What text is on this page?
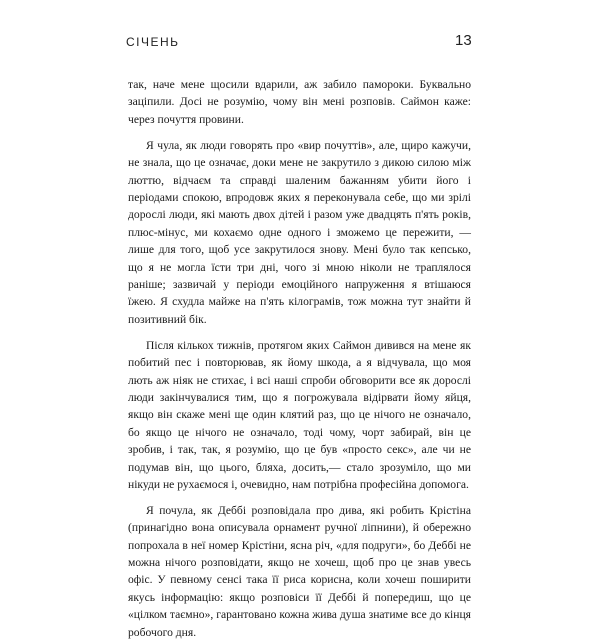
СІЧЕНЬ	13

так, наче мене щосили вдарили, аж забило памороки. Буквально заціпили. Досі не розумію, чому він мені розповів. Саймон каже: через почуття провини.

Я чула, як люди говорять про «вир почуттів», але, щиро кажучи, не знала, що це означає, доки мене не закрутило з дикою силою між люттю, відчаєм та справді шаленим бажанням убити його і періодами спокою, впродовж яких я переконувала себе, що ми зрілі дорослі люди, які мають двох дітей і разом уже двадцять п'ять років, плюс-мінус, ми кохаємо одне одного і зможемо це пережити, — лише для того, щоб усе закрутилося знову. Мені було так кепсько, що я не могла їсти три дні, чого зі мною ніколи не траплялося раніше; зазвичай у періоди емоційного напруження я втішаюся їжею. Я схудла майже на п'ять кілограмів, тож можна тут знайти й позитивний бік.

Після кількох тижнів, протягом яких Саймон дивився на мене як побитий пес і повторював, як йому шкода, а я відчувала, що моя лють аж ніяк не стихає, і всі наші спроби обговорити все як дорослі люди закінчувалися тим, що я погрожувала відірвати йому яйця, якщо він скаже мені ще один клятий раз, що це нічого не означало, бо якщо це нічого не означало, тоді чому, чорт забирай, він це зробив, і так, так, я розумію, що це був «просто секс», але чи не подумав він, що цього, бляха, досить,— стало зрозуміло, що ми нікуди не рухаємося і, очевидно, нам потрібна професійна допомога.

Я почула, як Деббі розповідала про дива, які робить Крістіна (принагідно вона описувала орнамент ручної ліпнини), й обережно попрохала в неї номер Крістіни, ясна річ, «для подруги», бо Деббі не можна нічого розповідати, якщо не хочеш, щоб про це знав увесь офіс. У певному сенсі така її риса корисна, коли хочеш поширити якусь інформацію: якщо розповіси її Деббі й попередиш, що це «цілком таємно», гарантовано кожна жива душа знатиме все до кінця робочого дня.
